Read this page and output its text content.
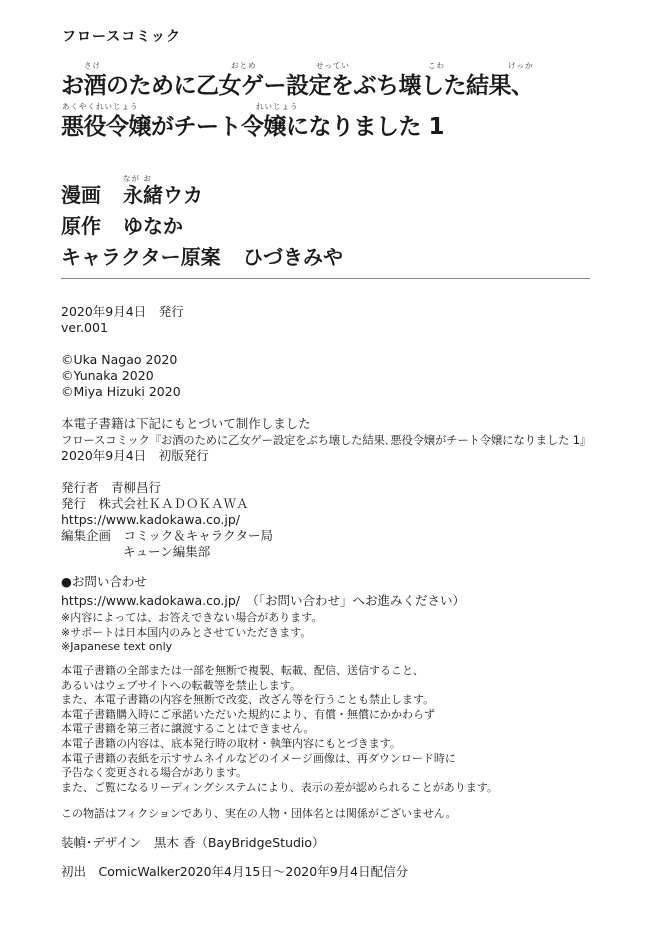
フロースコミック
さけ	おとめ	せってい	こわ	けっか
お酒のために乙女ゲー設定をぶち壊した結果、
あくやくれいじょう	れいじょう
悪役令嬢がチート令嬢になりました 1
なが お
漫画 永緒ウカ
原作 ゆなか
キャラクター原案 ひづきみや
2020年9月4日　発行
ver.001
©Uka Nagao 2020
©Yunaka 2020
©Miya Hizuki 2020
本電子書籍は下記にもとづいて制作しました
フロースコミック『お酒のために乙女ゲー設定をぶち壊した結果､悪役令嬢がチート令嬢になりました 1』
2020年9月4日　初版発行
発行者　青柳昌行
発行　株式会社ＫＡＤＯＫＡＷＡ
https://www.kadokawa.co.jp/
編集企画　コミック＆キャラクター局
キューン編集部
●お問い合わせ
https://www.kadokawa.co.jp/　（「お問い合わせ」へお進みください）
※内容によっては、お答えできない場合があります。
※サポートは日本国内のみとさせていただきます。
※Japanese text only
本電子書籍の全部または一部を無断で複製、転載、配信、送信すること、
あるいはウェブサイトへの転載等を禁止します。
また、本電子書籍の内容を無断で改変、改ざん等を行うことも禁止します。
本電子書籍購入時にご承諾いただいた規約により、有償・無償にかかわらず
本電子書籍を第三者に譲渡することはできません。
本電子書籍の内容は、底本発行時の取材・執筆内容にもとづきます。
本電子書籍の表紙を示すサムネイルなどのイメージ画像は、再ダウンロード時に
予告なく変更される場合があります。
また、ご覧になるリーディングシステムにより、表示の差が認められることがあります。
この物語はフィクションであり、実在の人物・団体名とは関係がございません。
装幀･デザイン　黒木 香（BayBridgeStudio）
初出　ComicWalker2020年4月15日～2020年9月4日配信分
